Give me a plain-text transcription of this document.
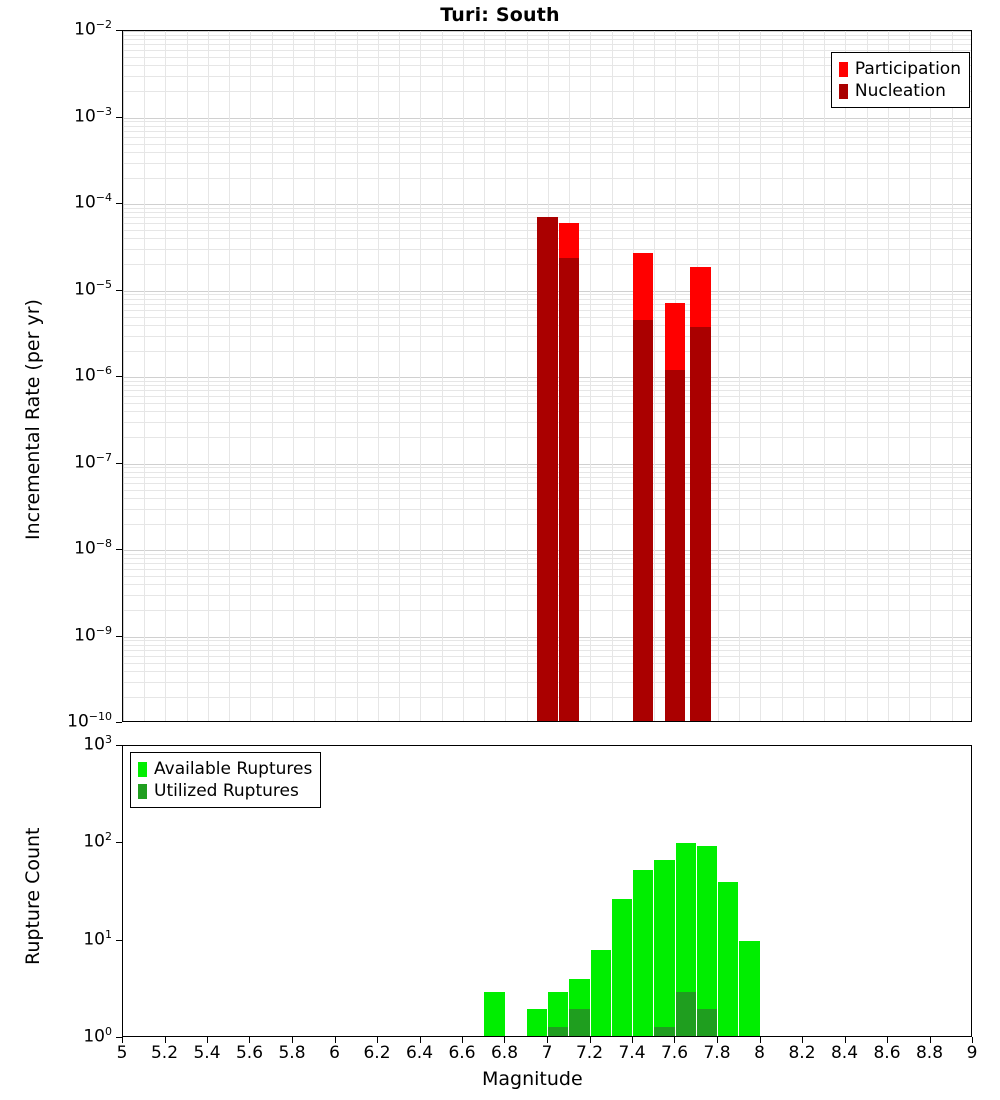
Turi: South
$10^{-2}$
$10^{-3}$
$10^{-4}$
$10^{-5}$
$10^{-6}$
$10^{-7}$
$10^{-8}$
$10^{-9}$
$10^{-10}$
Incremental Rate (per yr)
Participation
Nucleation
$10^3$
$10^2$
$10^1$
$10^0$
5	5.2 5.4 5.6 5.8	6	6.2 6.4 6.6 6.8	7	7.2 7.4 7.6 7.8	8	8.2 8.4 8.6 8.8	9
Rupture Count
Magnitude
Available Ruptures
Utilized Ruptures
